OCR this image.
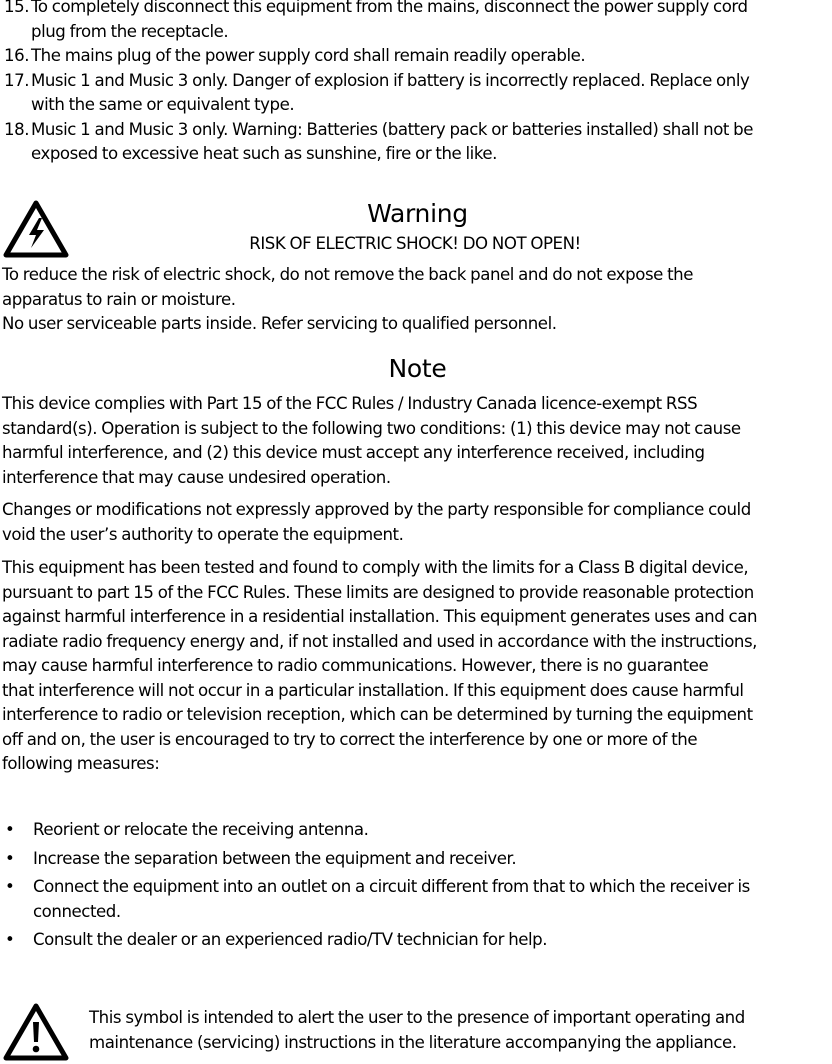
15. To completely disconnect this equipment from the mains, disconnect the power supply cord
plug from the receptacle.
16. The mains plug of the power supply cord shall remain readily operable.
17. Music 1 and Music 3 only. Danger of explosion if battery is incorrectly replaced. Replace only
with the same or equivalent type.
18. Music 1 and Music 3 only. Warning: Batteries (battery pack or batteries installed) shall not be
exposed to excessive heat such as sunshine, fire or the like.
Warning
RISK OF ELECTRIC SHOCK! DO NOT OPEN!
To reduce the risk of electric shock, do not remove the back panel and do not expose the
apparatus to rain or moisture.
No user serviceable parts inside. Refer servicing to qualified personnel.
Note
This device complies with Part 15 of the FCC Rules / Industry Canada licence-exempt RSS
standard(s). Operation is subject to the following two conditions: (1) this device may not cause
harmful interference, and (2) this device must accept any interference received, including
interference that may cause undesired operation.
Changes or modifications not expressly approved by the party responsible for compliance could
void the user’s authority to operate the equipment.
This equipment has been tested and found to comply with the limits for a Class B digital device,
pursuant to part 15 of the FCC Rules. These limits are designed to provide reasonable protection
against harmful interference in a residential installation. This equipment generates uses and can
radiate radio frequency energy and, if not installed and used in accordance with the instructions,
may cause harmful interference to radio communications. However, there is no guarantee
that interference will not occur in a particular installation. If this equipment does cause harmful
interference to radio or television reception, which can be determined by turning the equipment
off and on, the user is encouraged to try to correct the interference by one or more of the
following measures:
•	Reorient or relocate the receiving antenna.
•	Increase the separation between the equipment and receiver.
•	Connect the equipment into an outlet on a circuit different from that to which the receiver is
connected.
•	Consult the dealer or an experienced radio/TV technician for help.
This symbol is intended to alert the user to the presence of important operating and
maintenance (servicing) instructions in the literature accompanying the appliance.
